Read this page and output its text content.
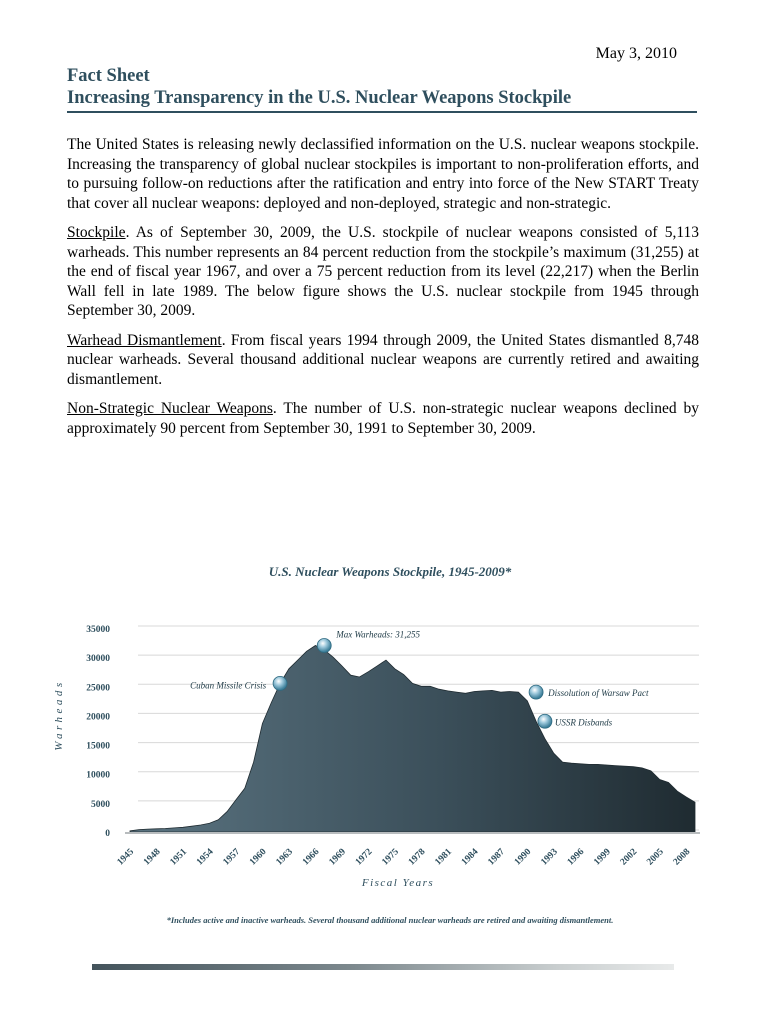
May 3, 2010
Fact Sheet
Increasing Transparency in the U.S. Nuclear Weapons Stockpile

The United States is releasing newly declassified information on the U.S. nuclear weapons stockpile. Increasing the transparency of global nuclear stockpiles is important to non-proliferation efforts, and to pursuing follow-on reductions after the ratification and entry into force of the New START Treaty that cover all nuclear weapons: deployed and non-deployed, strategic and non-strategic.

Stockpile. As of September 30, 2009, the U.S. stockpile of nuclear weapons consisted of 5,113 warheads. This number represents an 84 percent reduction from the stockpile’s maximum (31,255) at the end of fiscal year 1967, and over a 75 percent reduction from its level (22,217) when the Berlin Wall fell in late 1989. The below figure shows the U.S. nuclear stockpile from 1945 through September 30, 2009.

Warhead Dismantlement. From fiscal years 1994 through 2009, the United States dismantled 8,748 nuclear warheads. Several thousand additional nuclear weapons are currently retired and awaiting dismantlement.

Non-Strategic Nuclear Weapons. The number of U.S. non-strategic nuclear weapons declined by approximately 90 percent from September 30, 1991 to September 30, 2009.

U.S. Nuclear Weapons Stockpile, 1945-2009*
0
5000
10000
15000
20000
25000
30000
35000
1945 1948 1951 1954 1957 1960 1963 1966 1969 1972 1975 1978 1981 1984 1987 1990 1993 1996 1999 2002 2005 2008
Fiscal Years
Warheads	Cuban Missile Crisis
Max Warheads: 31,255
Dissolution of Warsaw Pact
USSR Disbands
*Includes active and inactive warheads. Several thousand additional nuclear warheads are retired and awaiting dismantlement.
